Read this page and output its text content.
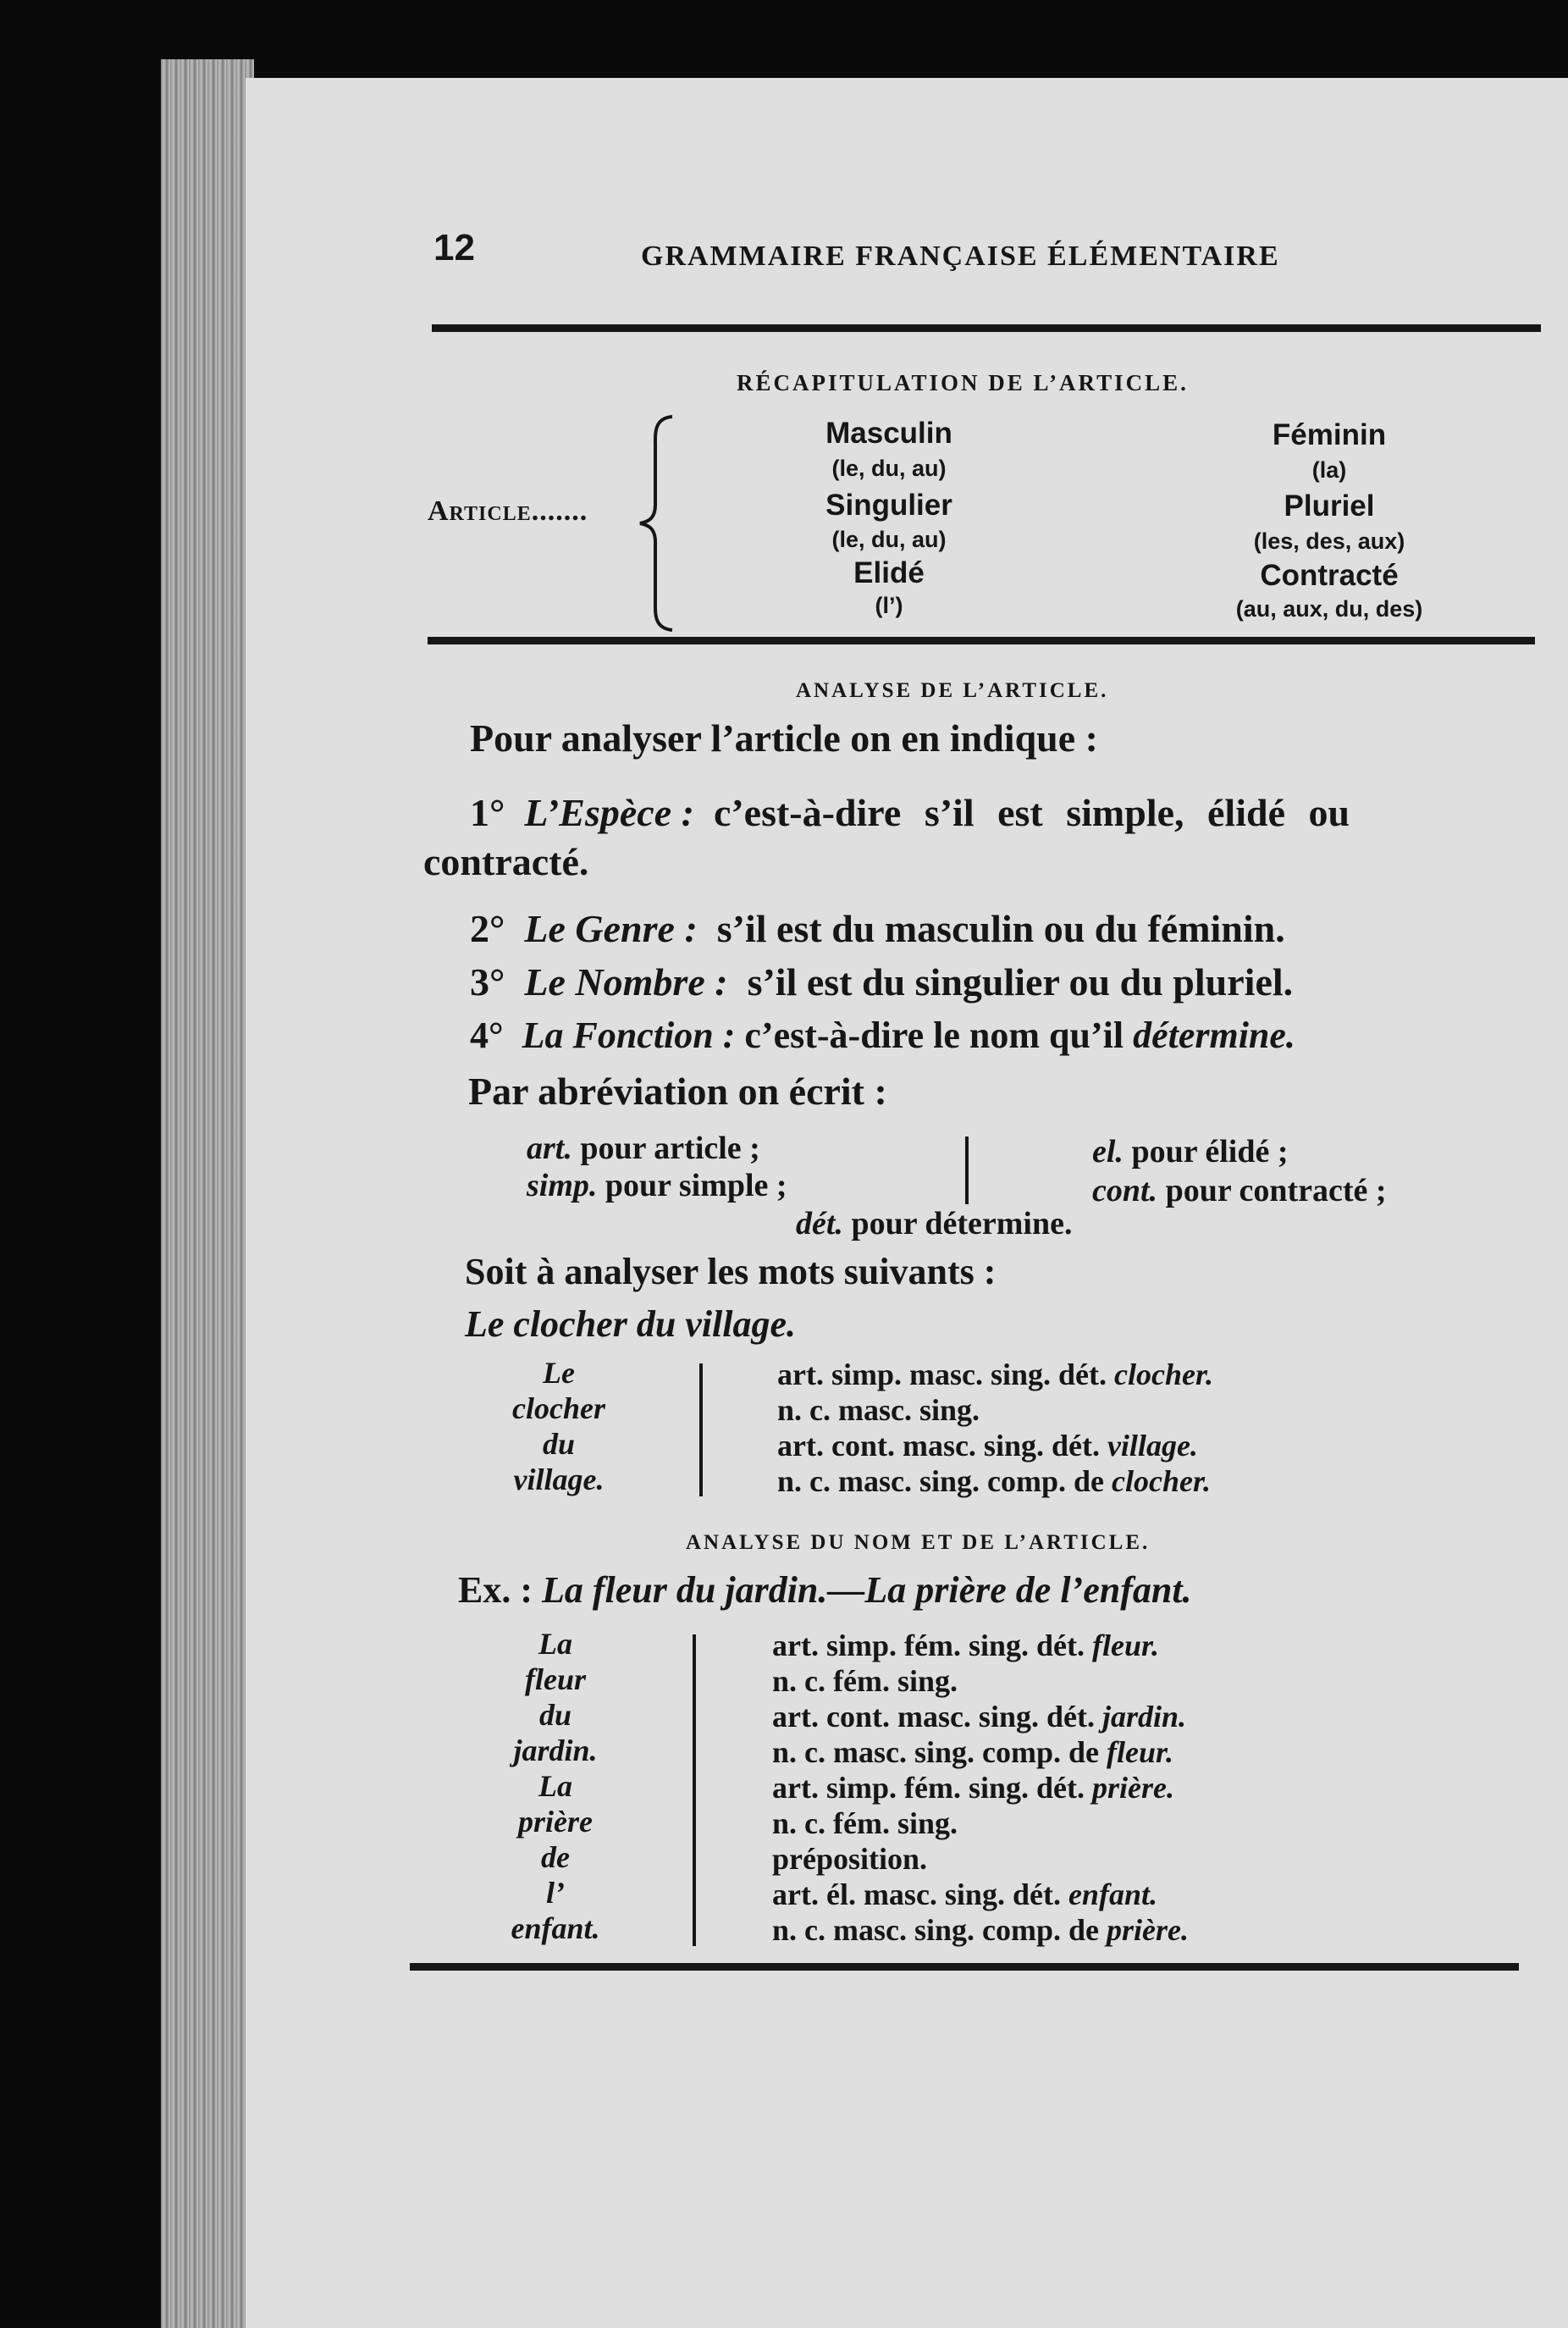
12	GRAMMAIRE FRANÇAISE ÉLÉMENTAIRE
RÉCAPITULATION DE L’ARTICLE.
Article.......
Masculin
(le, du, au)
Singulier
(le, du, au)
Elidé
(l’)
Féminin
(la)
Pluriel
(les, des, aux)
Contracté
(au, aux, du, des)
ANALYSE DE L’ARTICLE.
Pour analyser l’article on en indique :
1° L’Espèce : c’est-à-dire s’il est simple, élidé ou
contracté.
2° Le Genre : s’il est du masculin ou du féminin.
3° Le Nombre : s’il est du singulier ou du pluriel.
4° La Fonction : c’est-à-dire le nom qu’il détermine.
Par abréviation on écrit :
art. pour article ;
simp. pour simple ;
el. pour élidé ;
cont. pour contracté ;
dét. pour détermine.
Soit à analyser les mots suivants :
Le clocher du village.
Le
clocher
du
village.
art. simp. masc. sing. dét. clocher.
n. c. masc. sing.
art. cont. masc. sing. dét. village.
n. c. masc. sing. comp. de clocher.
ANALYSE DU NOM ET DE L’ARTICLE.
Ex. : La fleur du jardin.—La prière de l’enfant.
La
fleur
du
jardin.
La
prière
de
l’
enfant.
art. simp. fém. sing. dét. fleur.
n. c. fém. sing.
art. cont. masc. sing. dét. jardin.
n. c. masc. sing. comp. de fleur.
art. simp. fém. sing. dét. prière.
n. c. fém. sing.
préposition.
art. él. masc. sing. dét. enfant.
n. c. masc. sing. comp. de prière.
